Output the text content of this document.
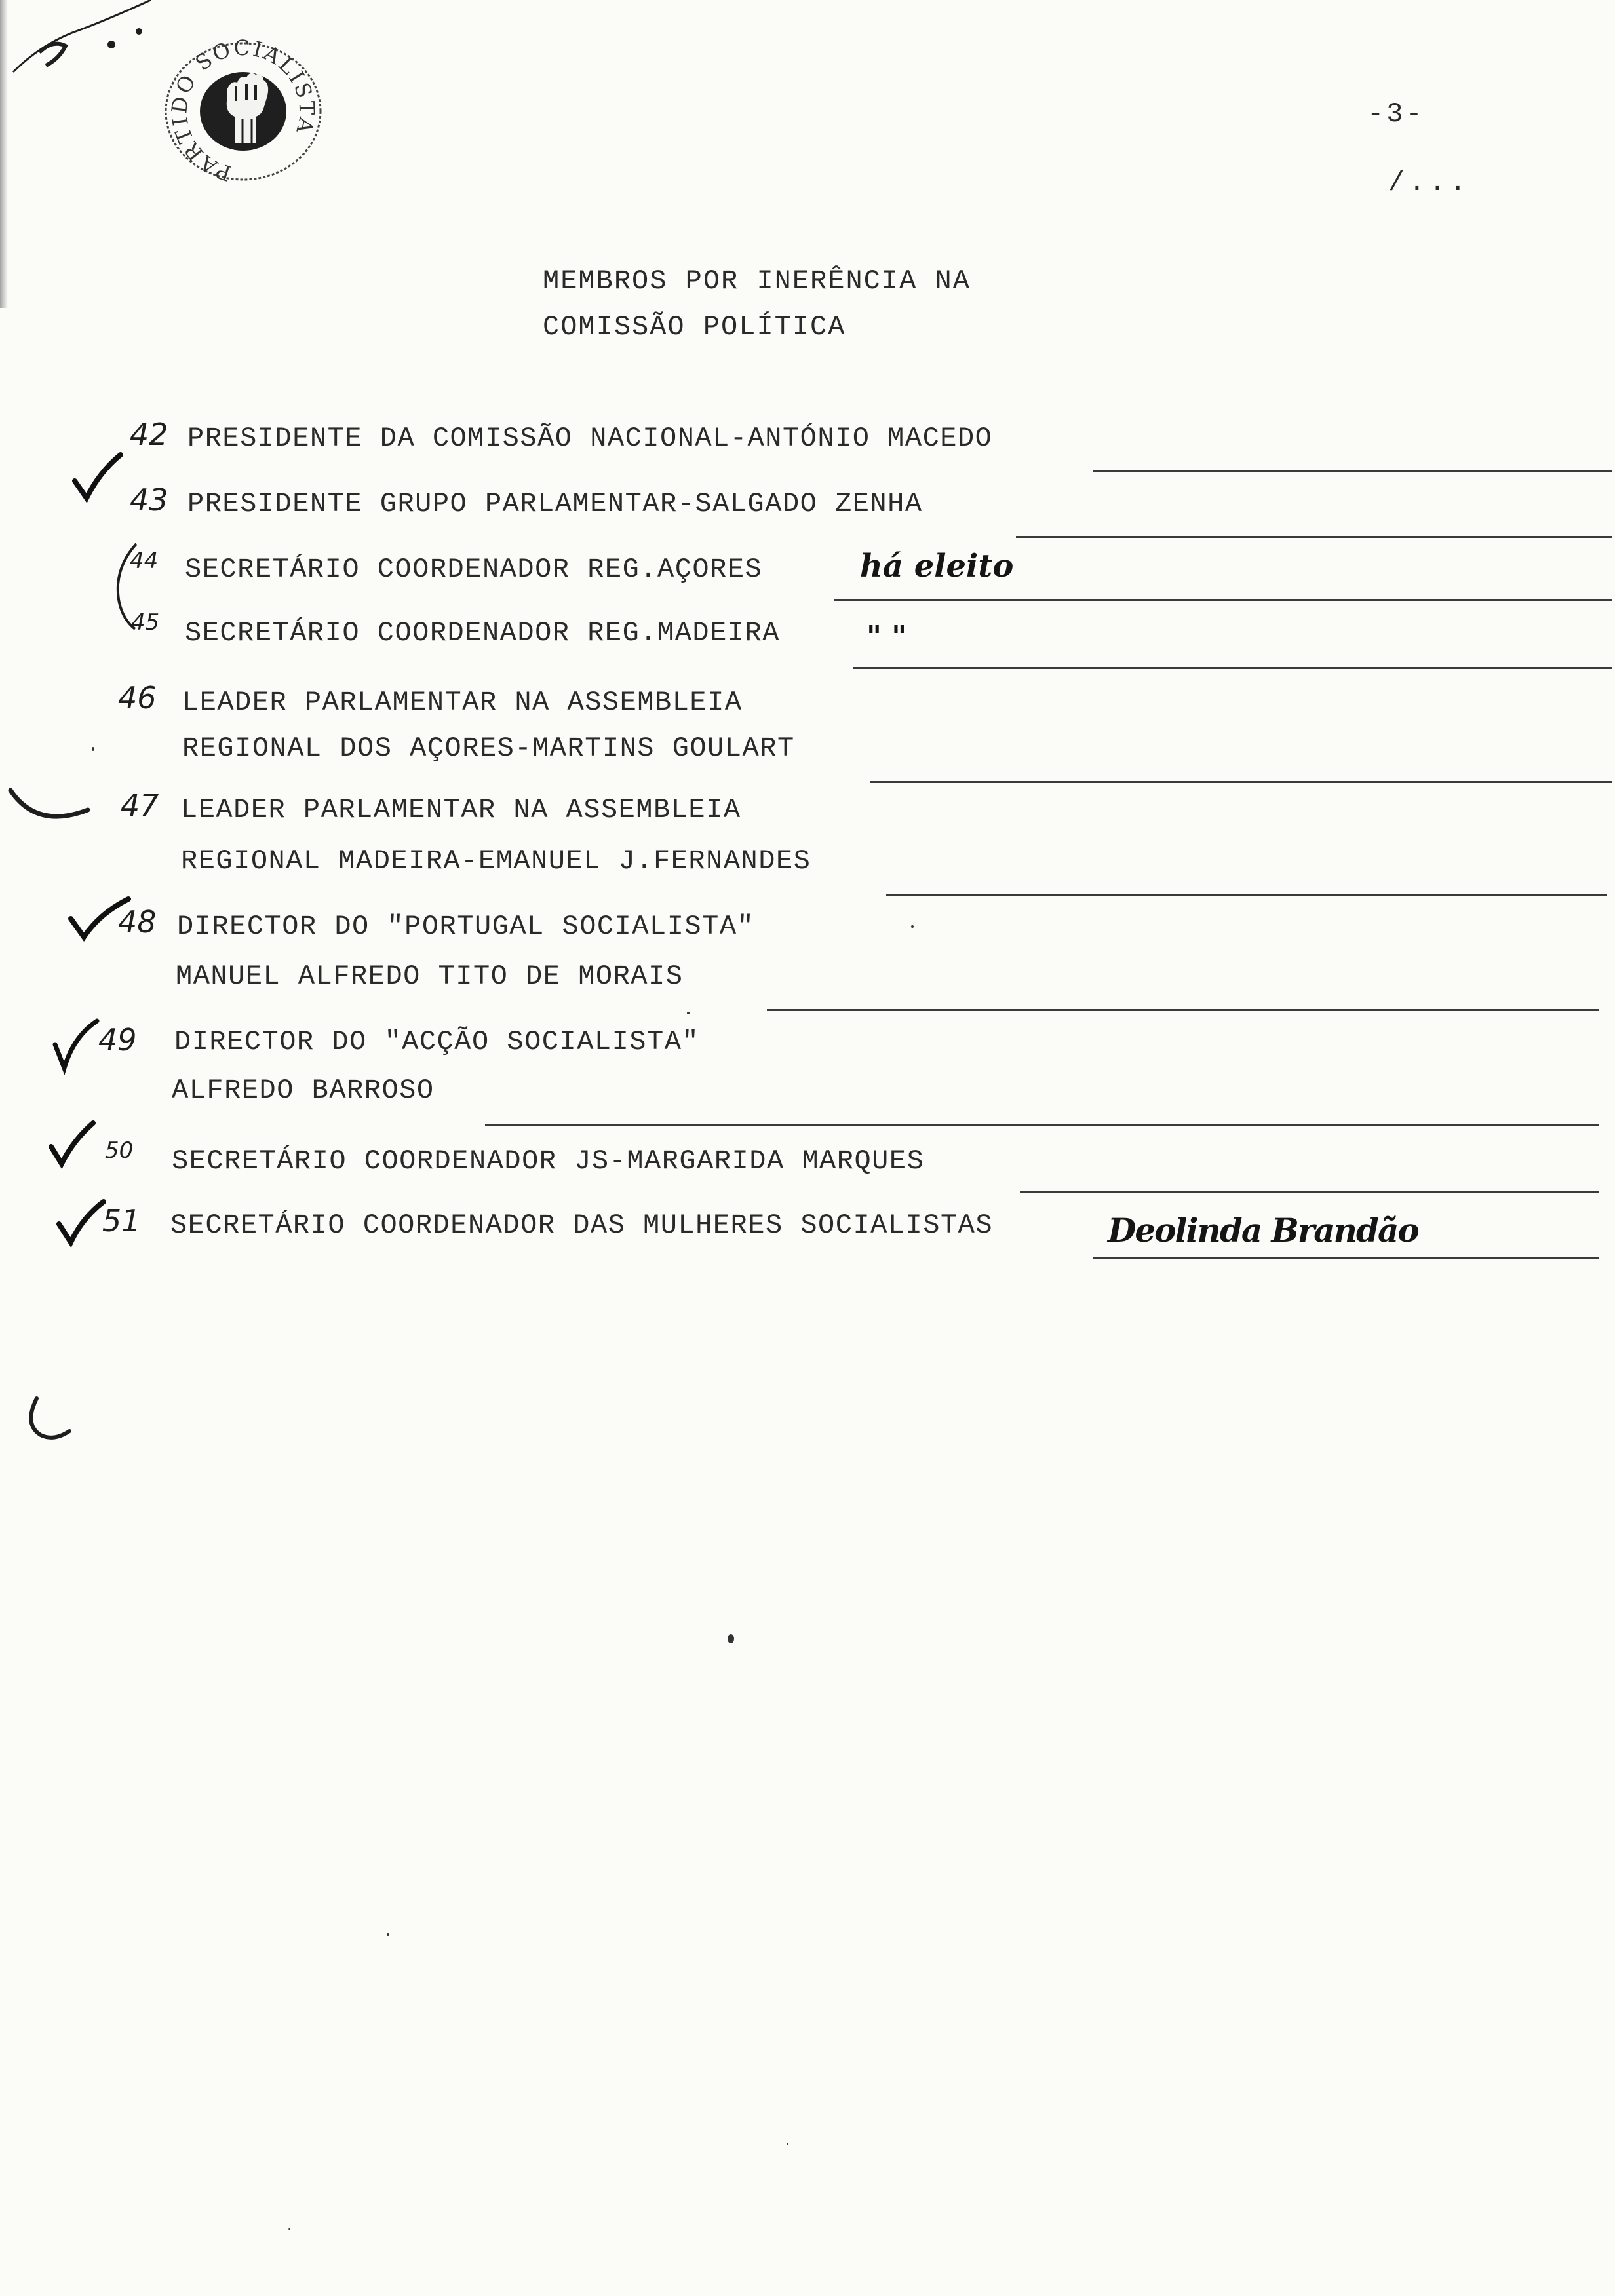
PARTIDO SOCIALISTA	-3-
/...
MEMBROS POR INERÊNCIA NA
COMISSÃO POLÍTICA
42 PRESIDENTE DA COMISSÃO NACIONAL-ANTÓNIO MACEDO
43 PRESIDENTE GRUPO PARLAMENTAR-SALGADO ZENHA
44 SECRETÁRIO COORDENADOR REG.AÇORES	há eleito
45 SECRETÁRIO COORDENADOR REG.MADEIRA	" "
46 LEADER PARLAMENTAR NA ASSEMBLEIA
REGIONAL DOS AÇORES-MARTINS GOULART
47 LEADER PARLAMENTAR NA ASSEMBLEIA
REGIONAL MADEIRA-EMANUEL J.FERNANDES
48 DIRECTOR DO "PORTUGAL SOCIALISTA"
MANUEL ALFREDO TITO DE MORAIS
49 DIRECTOR DO "ACÇÃO SOCIALISTA"
ALFREDO BARROSO
50 SECRETÁRIO COORDENADOR JS-MARGARIDA MARQUES
51 SECRETÁRIO COORDENADOR DAS MULHERES SOCIALISTAS	Deolinda Brandão
